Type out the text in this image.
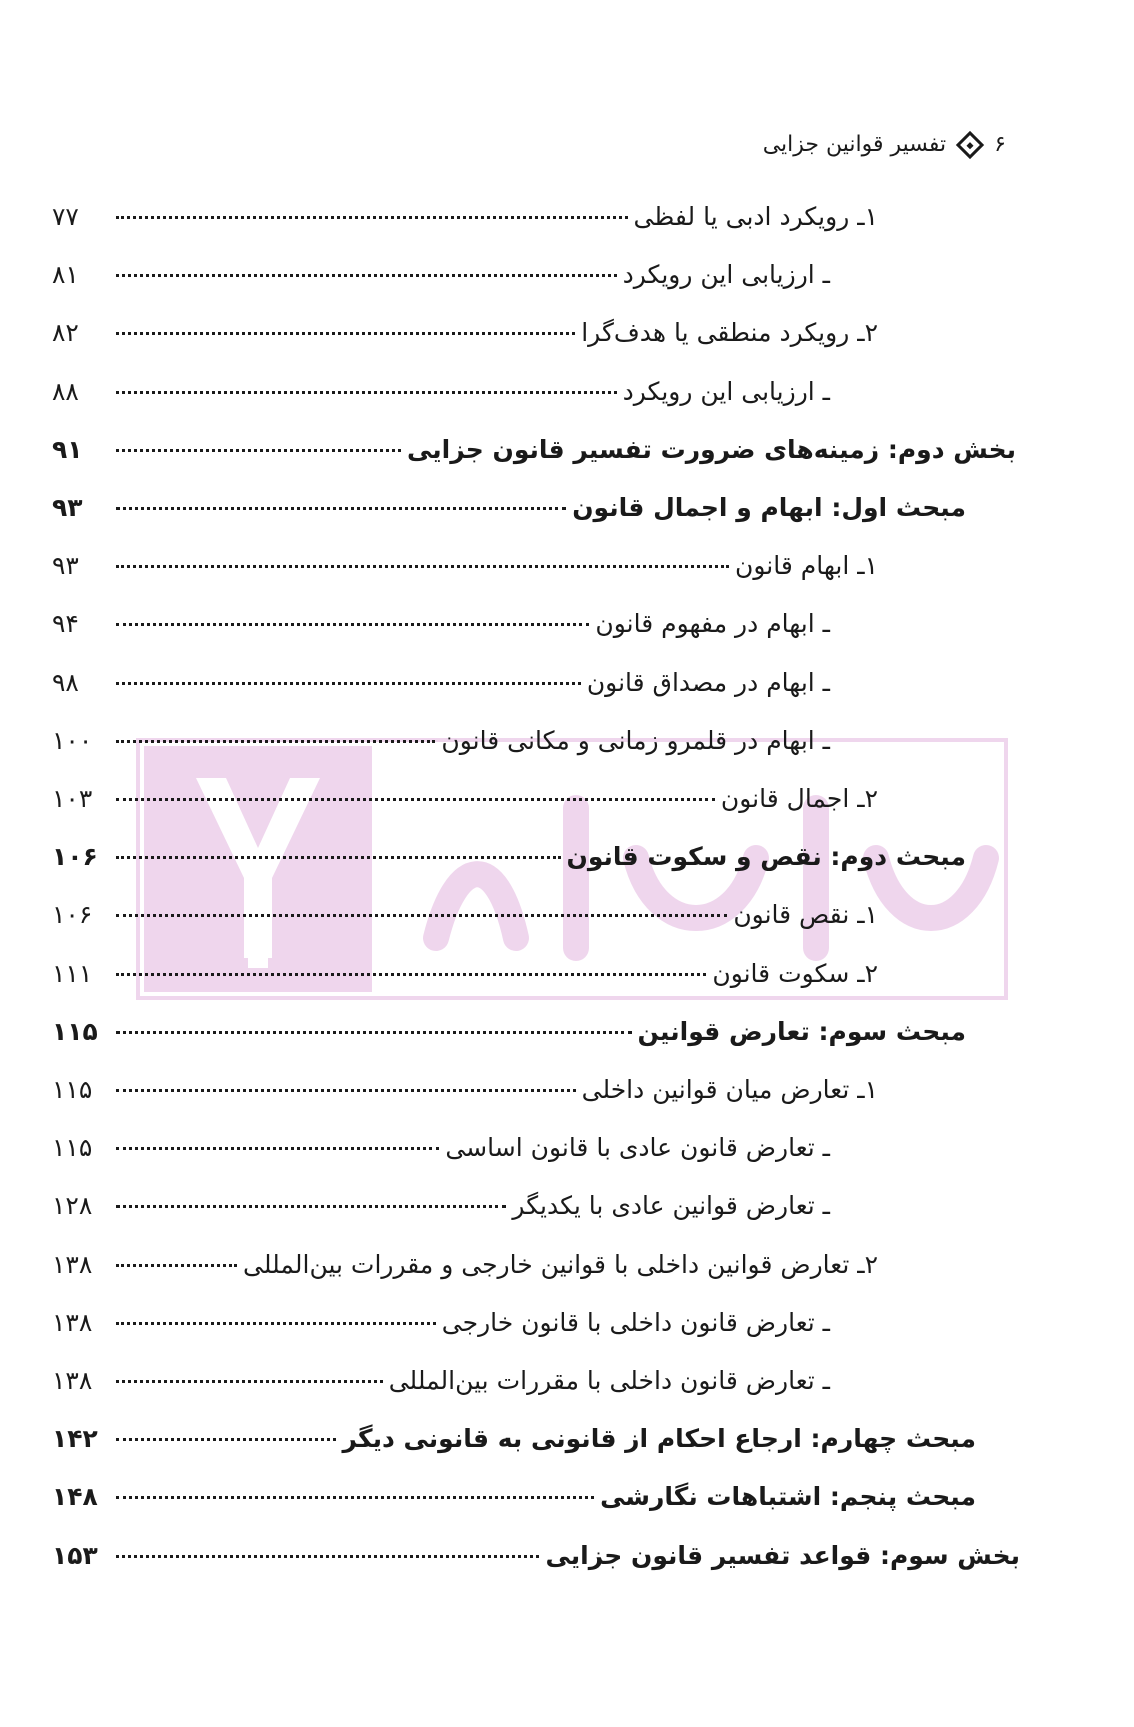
۶
تفسیر قوانین جزایی
۱ـ رویکرد ادبی یا لفظی
۷۷
ـ ارزیابی این رویکرد
۸۱
۲ـ رویکرد منطقی یا هدف‌گرا
۸۲
ـ ارزیابی این رویکرد
۸۸
بخش دوم: زمینه‌های ضرورت تفسیر قانون جزایی
۹۱
مبحث اول: ابهام و اجمال قانون
۹۳
۱ـ ابهام قانون
۹۳
ـ ابهام در مفهوم قانون
۹۴
ـ ابهام در مصداق قانون
۹۸
ـ ابهام در قلمرو زمانی و مکانی قانون
۱۰۰
۲ـ اجمال قانون
۱۰۳
مبحث دوم: نقص و سکوت قانون
۱۰۶
۱ـ نقص قانون
۱۰۶
۲ـ سکوت قانون
۱۱۱
مبحث سوم: تعارض قوانین
۱۱۵
۱ـ تعارض میان قوانین داخلی
۱۱۵
ـ تعارض قانون عادی با قانون اساسی
۱۱۵
ـ تعارض قوانین عادی با یکدیگر
۱۲۸
۲ـ تعارض قوانین داخلی با قوانین خارجی و مقررات بین‌المللی
۱۳۸
ـ تعارض قانون داخلی با قانون خارجی
۱۳۸
ـ تعارض قانون داخلی با مقررات بین‌المللی
۱۳۸
مبحث چهارم: ارجاع احکام از قانونی به قانونی دیگر
۱۴۲
مبحث پنجم: اشتباهات نگارشی
۱۴۸
بخش سوم: قواعد تفسیر قانون جزایی
۱۵۳
